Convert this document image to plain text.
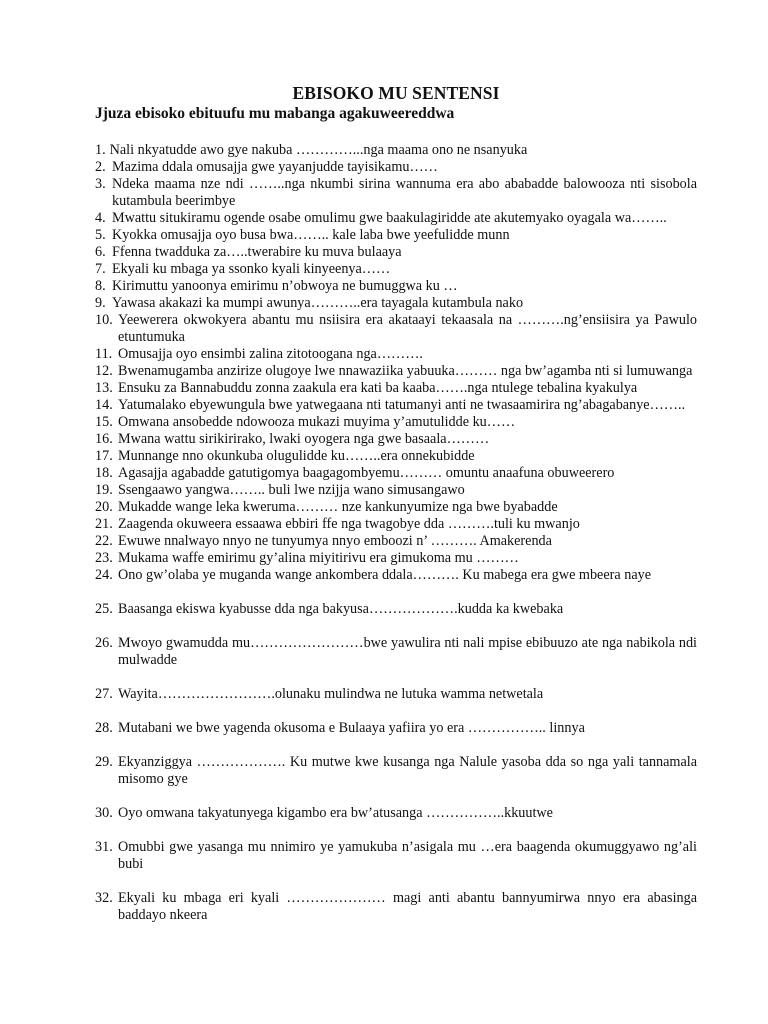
EBISOKO MU SENTENSI
Jjuza ebisoko ebituufu mu mabanga agakuweereddwa
1. Nali nkyatudde awo gye nakuba …………...nga maama ono ne nsanyuka
2. Mazima ddala omusajja gwe yayanjudde tayisikamu……
3. Ndeka maama nze ndi ……..nga nkumbi sirina wannuma era abo ababadde balowooza nti sisobola kutambula beerimbye
4. Mwattu situkiramu ogende osabe omulimu gwe baakulagiridde ate akutemyako oyagala wa……..
5. Kyokka omusajja oyo busa bwa…….. kale laba bwe yeefulidde munn
6. Ffenna twadduka za…..twerabire ku muva bulaaya
7. Ekyali ku mbaga ya ssonko kyali kinyeenya……
8. Kirimuttu yanoonya emirimu n’obwoya ne bumuggwa ku …
9. Yawasa akakazi ka mumpi awunya………..era tayagala kutambula nako
10. Yeewerera okwokyera abantu mu nsiisira era akataayi tekaasala na ……….ng’ensiisira ya Pawulo etuntumuka
11. Omusajja oyo ensimbi zalina zitotoogana nga……….
12. Bwenamugamba anzirize olugoye lwe nnawaziika yabuuka……… nga bw’agamba nti si lumuwanga
13. Ensuku za Bannabuddu zonna zaakula era kati ba kaaba…….nga ntulege tebalina kyakulya
14. Yatumalako ebyewungula bwe yatwegaana nti tatumanyi anti ne twasaamirira ng’abagabanye……..
15. Omwana ansobedde ndowooza mukazi muyima y’amutulidde ku……
16. Mwana wattu sirikirirako, lwaki oyogera nga gwe basaala………
17. Munnange nno okunkuba olugulidde ku……..era onnekubidde
18. Agasajja agabadde gatutigomya baagagombyemu……… omuntu anaafuna obuweerero
19. Ssengaawo yangwa…….. buli lwe nzijja wano simusangawo
20. Mukadde wange leka kweruma……… nze kankunyumize nga bwe byabadde
21. Zaagenda okuweera essaawa ebbiri ffe nga twagobye dda ……….tuli ku mwanjo
22. Ewuwe nnalwayo nnyo ne tunyumya nnyo emboozi n’ ………. Amakerenda
23. Mukama waffe emirimu gy’alina miyitirivu era gimukoma mu ………
24. Ono gw’olaba ye muganda wange ankombera ddala………. Ku mabega era gwe mbeera naye
25. Baasanga ekiswa kyabusse dda nga bakyusa……………….kudda ka kwebaka
26. Mwoyo gwamudda mu……………………bwe yawulira nti nali mpise ebibuuzo ate nga nabikola ndi mulwadde
27. Wayita…………………….olunaku mulindwa ne lutuka wamma netwetala
28. Mutabani we bwe yagenda okusoma e Bulaaya yafiira yo era …………….. linnya
29. Ekyanziggya ………………. Ku mutwe kwe kusanga nga Nalule yasoba dda so nga yali tannamala misomo gye
30. Oyo omwana takyatunyega kigambo era bw’atusanga ……………..kkuutwe
31. Omubbi gwe yasanga mu nnimiro ye yamukuba n’asigala mu …era baagenda okumuggyawo ng’ali bubi
32. Ekyali ku mbaga eri kyali ………………… magi anti abantu bannyumirwa nnyo era abasinga baddayo nkeera
